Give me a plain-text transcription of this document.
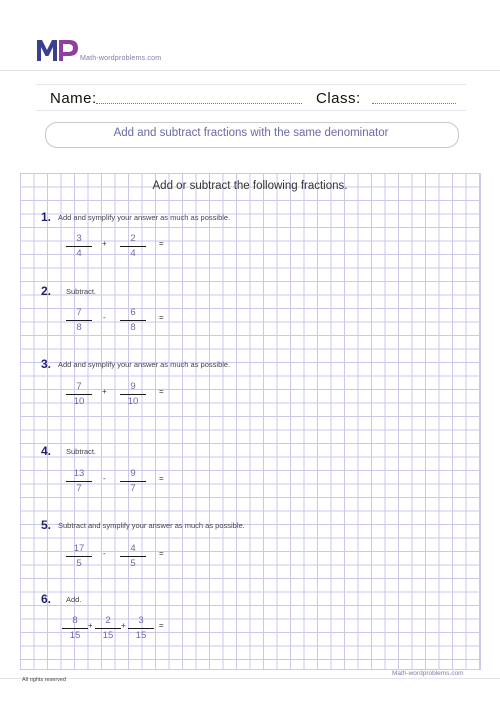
Math-wordproblems.com
Name:	Class:
Add and subtract fractions with the same denominator
Add or subtract the following fractions.
1. Add and symplify your answer as much as possible.
3
4
+	2
4
=
2. Subtract.
7
8
-	6
8
=
3. Add and symplify your answer as much as possible.
7
10
+	9
10
=
4. Subtract.
13
7
-	9
7
=
5. Subtract and symplify your answer as much as possible.
17
5
-	4
5
=
6. Add.
8
15
+	2
15
+	3
15
=
Math-wordproblems.com
All rights reserved
